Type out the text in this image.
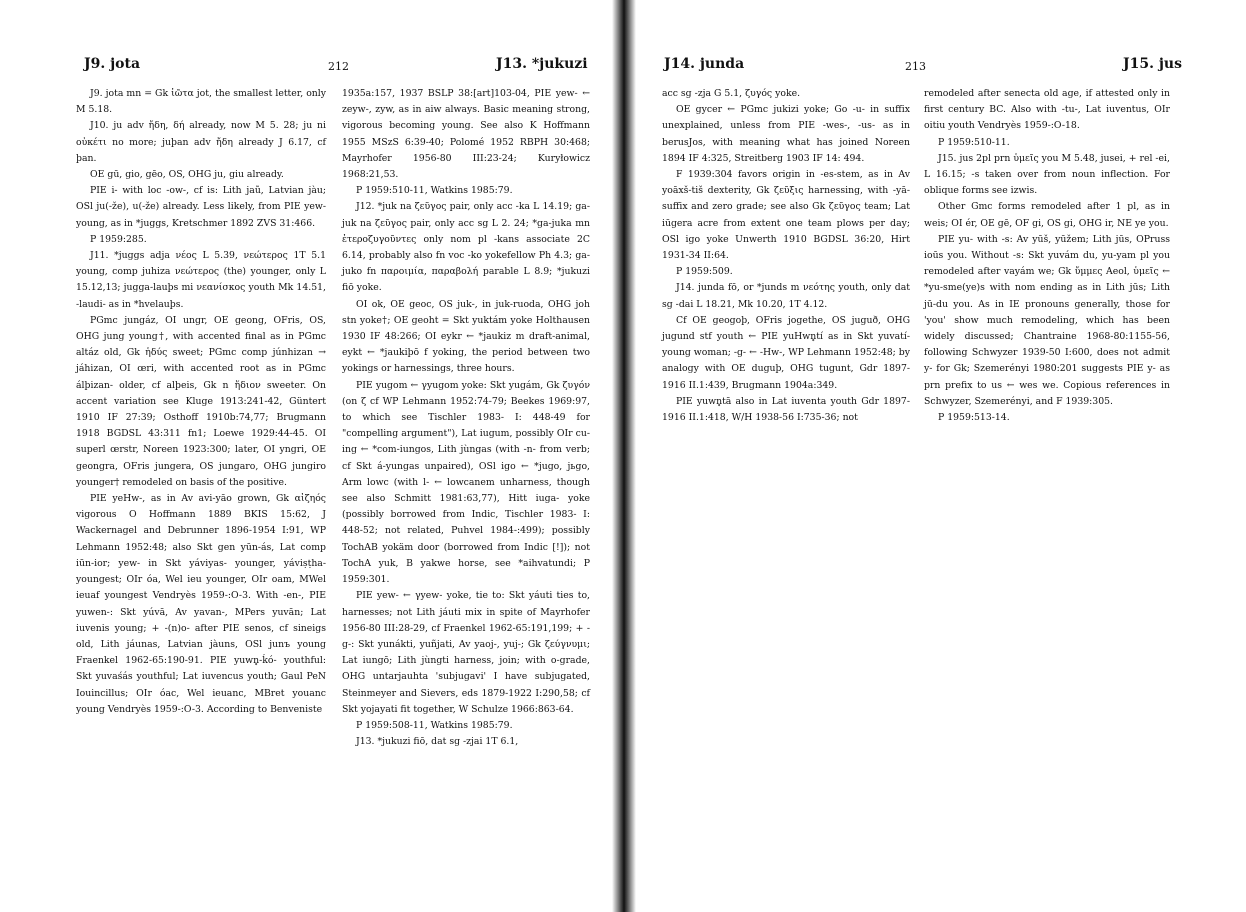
J9. jota	212	J13. *jukuzi

J9. jota mn = Gk ἰῶτα jot, the smallest letter, only M 5.18.

J10. ju adv ἤδη, δή already, now M 5. 28; ju ni οὐκέτι no more; juþan adv ἤδη already J 6.17, cf þan.

OE gū, gio, gēo, OS, OHG ju, giu already.

PIE i- with loc -ow-, cf is: Lith jaũ, Latvian jàu; OSl ju(-že), u(-že) already. Less likely, from PIE yew- young, as in *juggs, Kretschmer 1892 ZVS 31:466.

P 1959:285.

J11. *juggs adja νέος L 5.39, νεώτερος 1T 5.1 young, comp juhiza νεώτερος (the) younger, only L 15.12,13; jugga-lauþs mi νεανίσκος youth Mk 14.51, -laudi- as in *hvelauþs.

PGmc jungáz, OI ungr, OE geong, OFris, OS, OHG jung young†, with accented final as in PGmc altáz old, Gk ἡδύς sweet; PGmc comp júnhizan → jáhizan, OI œri, with accented root as in PGmc álþizan- older, cf alþeis, Gk n ἥδιον sweeter. On accent variation see Kluge 1913:241-42, Güntert 1910 IF 27:39; Osthoff 1910b:74,77; Brugmann 1918 BGDSL 43:311 fn1; Loewe 1929:44-45. OI superl œrstr, Noreen 1923:300; later, OI yngri, OE geongra, OFris jungera, OS jungaro, OHG jungiro younger† remodeled on basis of the positive.

PIE yeHw-, as in Av avi-yāo grown, Gk αἰζηός vigorous O Hoffmann 1889 BKIS 15:62, J Wackernagel and Debrunner 1896-1954 I:91, WP Lehmann 1952:48; also Skt gen yūn-ás, Lat comp iūn-ior; yew- in Skt yáviyas- younger, yáviṣṭha- youngest; OIr óa, Wel ieu younger, OIr oam, MWel ieuaf youngest Vendryès 1959-:O-3. With -en-, PIE yuwen-: Skt yúvā, Av yavan-, MPers yuvān; Lat iuvenis young; + -(n)o- after PIE senos, cf sineigs old, Lith jáunas, Latvian jàuns, OSl junъ young Fraenkel 1962-65:190-91. PIE yuwn̥-ḱó- youthful: Skt yuvaśás youthful; Lat iuvencus youth; Gaul PeN Iouincillus; OIr óac, Wel ieuanc, MBret youanc young Vendryès 1959-:O-3. According to Benveniste

1935a:157, 1937 BSLP 38:[art]103-04, PIE yew- ← zeyw-, zyw, as in aiw always. Basic meaning strong, vigorous becoming young. See also K Hoffmann 1955 MSzS 6:39-40; Polomé 1952 RBPH 30:468; Mayrhofer 1956-80 III:23-24; Kuryłowicz 1968:21,53.

P 1959:510-11, Watkins 1985:79.

J12. *juk na ζεῦγος pair, only acc -ka L 14.19; ga-juk na ζεῦγος pair, only acc sg L 2. 24; *ga-juka mn ἑτεροζυγοῦντες only nom pl -kans associate 2C 6.14, probably also fn voc -ko yokefellow Ph 4.3; ga-juko fn παροιμία, παραβολή parable L 8.9; *jukuzi fiō yoke.

OI ok, OE geoc, OS juk-, in juk-ruoda, OHG joh stn yoke†; OE geoht = Skt yuktám yoke Holthausen 1930 IF 48:266; OI eykr ← *jaukiz m draft-animal, eykt ← *jaukiþō f yoking, the period between two yokings or harnessings, three hours.

PIE yugom ← γyugom yoke: Skt yugám, Gk ζυγόν (on ζ cf WP Lehmann 1952:74-79; Beekes 1969:97, to which see Tischler 1983- I: 448-49 for "compelling argument"), Lat iugum, possibly OIr cu-ing ← *com-iungos, Lith jùngas (with -n- from verb; cf Skt á-yungas unpaired), OSl igo ← *jugo, jьgo, Arm lowc (with l- ← lowcanem unharness, though see also Schmitt 1981:63,77), Hitt iuga- yoke (possibly borrowed from Indic, Tischler 1983- I: 448-52; not related, Puhvel 1984-:499); possibly TochAB yokäm door (borrowed from Indic [!]); not TochA yuk, B yakwe horse, see *aihvatundi; P 1959:301.

PIE yew- ← γyew- yoke, tie to: Skt yáuti ties to, harnesses; not Lith jáuti mix in spite of Mayrhofer 1956-80 III:28-29, cf Fraenkel 1962-65:191,199; + -g-: Skt yunákti, yuñjati, Av yaoj-, yuj-; Gk ζεύγνυμι; Lat iungō; Lith jùngti harness, join; with o-grade, OHG untarjauhta 'subjugavi' I have subjugated, Steinmeyer and Sievers, eds 1879-1922 I:290,58; cf Skt yojayati fit together, W Schulze 1966:863-64.

P 1959:508-11, Watkins 1985:79.

J13. *jukuzi fiō, dat sg -zjai 1T 6.1,

J14. junda	213	J15. jus

acc sg -zja G 5.1, ζυγός yoke.

OE gycer ← PGmc jukizi yoke; Go -u- in suffix unexplained, unless from PIE -wes-, -us- as in berusJos, with meaning what has joined Noreen 1894 IF 4:325, Streitberg 1903 IF 14: 494.

F 1939:304 favors origin in -es-stem, as in Av yoāxš-tiš dexterity, Gk ζεῦξις harnessing, with -yā-suffix and zero grade; see also Gk ζεῦγος team; Lat iūgera acre from extent one team plows per day; OSl igo yoke Unwerth 1910 BGDSL 36:20, Hirt 1931-34 II:64.

P 1959:509.

J14. junda fō, or *junds m νεότης youth, only dat sg -dai L 18.21, Mk 10.20, 1T 4.12.

Cf OE geogoþ, OFris jogethe, OS juguð, OHG jugund stf youth ← PIE yuHwn̥tí as in Skt yuvatí- young woman; -g- ← -Hw-, WP Lehmann 1952:48; by analogy with OE duguþ, OHG tugunt, Gdr 1897-1916 II.1:439, Brugmann 1904a:349.

PIE yuwn̥tā also in Lat iuventa youth Gdr 1897-1916 II.1:418, W/H 1938-56 I:735-36; not

remodeled after senecta old age, if attested only in first century BC. Also with -tu-, Lat iuventus, OIr oitiu youth Vendryès 1959-:O-18.

P 1959:510-11.

J15. jus 2pl prn ὑμεῖς you M 5.48, jusei, + rel -ei, L 16.15; -s taken over from noun inflection. For oblique forms see izwis.

Other Gmc forms remodeled after 1 pl, as in weis; OI ér, OE gē, OF gi, OS gi, OHG ir, NE ye you.

PIE yu- with -s: Av yūš, yūžem; Lith jūs, OPruss ioūs you. Without -s: Skt yuvám du, yu-yam pl you remodeled after vayám we; Gk ὔμμες Aeol, ὑμεῖς ← *yu-sme(ye)s with nom ending as in Lith jūs; Lith jū-du you. As in IE pronouns generally, those for 'you' show much remodeling, which has been widely discussed; Chantraine 1968-80:1155-56, following Schwyzer 1939-50 I:600, does not admit y- for Gk; Szemerényi 1980:201 suggests PIE y- as prn prefix to us ← wes we. Copious references in Schwyzer, Szemerényi, and F 1939:305.

P 1959:513-14.
